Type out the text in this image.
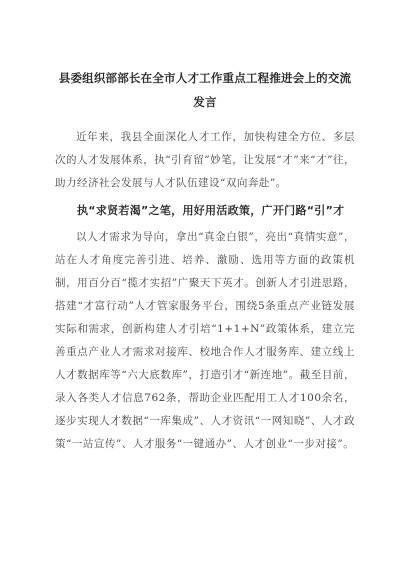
县委组织部部长在全市人才工作重点工程推进会上的交流发言

近年来，我县全面深化人才工作，加快构建全方位、多层次的人才发展体系，执“引育留”妙笔，让发展“才”来“才”往，助力经济社会发展与人才队伍建设“双向奔赴”。

执“求贤若渴”之笔，用好用活政策，广开门路“引”才

以人才需求为导向，拿出“真金白银”，亮出“真情实意”，站在人才角度完善引进、培养、激励、选用等方面的政策机制，用百分百“揽才实招”广聚天下英才。创新人才引进思路，搭建“才富行动”人才管家服务平台，围绕5条重点产业链发展实际和需求，创新构建人才引培“1+1+N”政策体系，建立完善重点产业人才需求对接库、校地合作人才服务库、建立线上人才数据库等“六大底数库”，打造引才“新连地”。截至目前，录入各类人才信息762条，帮助企业匹配用工人才100余名，逐步实现人才数据“一库集成”、人才资讯“一网知晓”、人才政策“一站宣传”、人才服务“一键通办”、人才创业“一步对接”。
